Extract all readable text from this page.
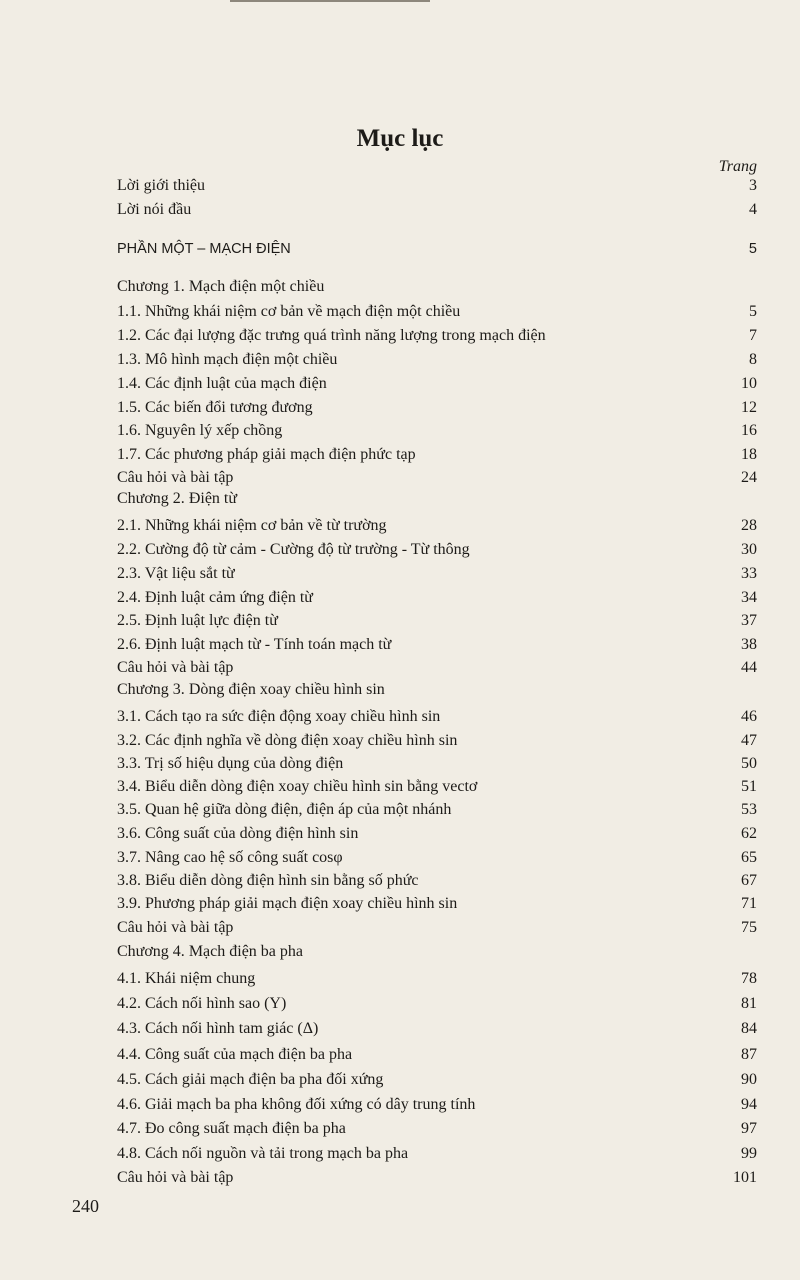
Mục lục
Trang
Lời giới thiệu	3
Lời nói đầu	4
PHẦN MỘT – MẠCH ĐIỆN	5
Chương 1. Mạch điện một chiều
1.1. Những khái niệm cơ bản về mạch điện một chiều	5
1.2. Các đại lượng đặc trưng quá trình năng lượng trong mạch điện	7
1.3. Mô hình mạch điện một chiều	8
1.4. Các định luật của mạch điện	10
1.5. Các biến đổi tương đương	12
1.6. Nguyên lý xếp chồng	16
1.7. Các phương pháp giải mạch điện phức tạp	18
Câu hỏi và bài tập	24
Chương 2. Điện từ
2.1. Những khái niệm cơ bản về từ trường	28
2.2. Cường độ từ cảm - Cường độ từ trường - Từ thông	30
2.3. Vật liệu sắt từ	33
2.4. Định luật cảm ứng điện từ	34
2.5. Định luật lực điện từ	37
2.6. Định luật mạch từ - Tính toán mạch từ	38
Câu hỏi và bài tập	44
Chương 3. Dòng điện xoay chiều hình sin
3.1. Cách tạo ra sức điện động xoay chiều hình sin	46
3.2. Các định nghĩa về dòng điện xoay chiều hình sin	47
3.3. Trị số hiệu dụng của dòng điện	50
3.4. Biểu diễn dòng điện xoay chiều hình sin bằng vectơ	51
3.5. Quan hệ giữa dòng điện, điện áp của một nhánh	53
3.6. Công suất của dòng điện hình sin	62
3.7. Nâng cao hệ số công suất cosφ	65
3.8. Biểu diễn dòng điện hình sin bằng số phức	67
3.9. Phương pháp giải mạch điện xoay chiều hình sin	71
Câu hỏi và bài tập	75
Chương 4. Mạch điện ba pha
4.1. Khái niệm chung	78
4.2. Cách nối hình sao (Y)	81
4.3. Cách nối hình tam giác (Δ)	84
4.4. Công suất của mạch điện ba pha	87
4.5. Cách giải mạch điện ba pha đối xứng	90
4.6. Giải mạch ba pha không đối xứng có dây trung tính	94
4.7. Đo công suất mạch điện ba pha	97
4.8. Cách nối nguồn và tải trong mạch ba pha	99
Câu hỏi và bài tập	101
240
